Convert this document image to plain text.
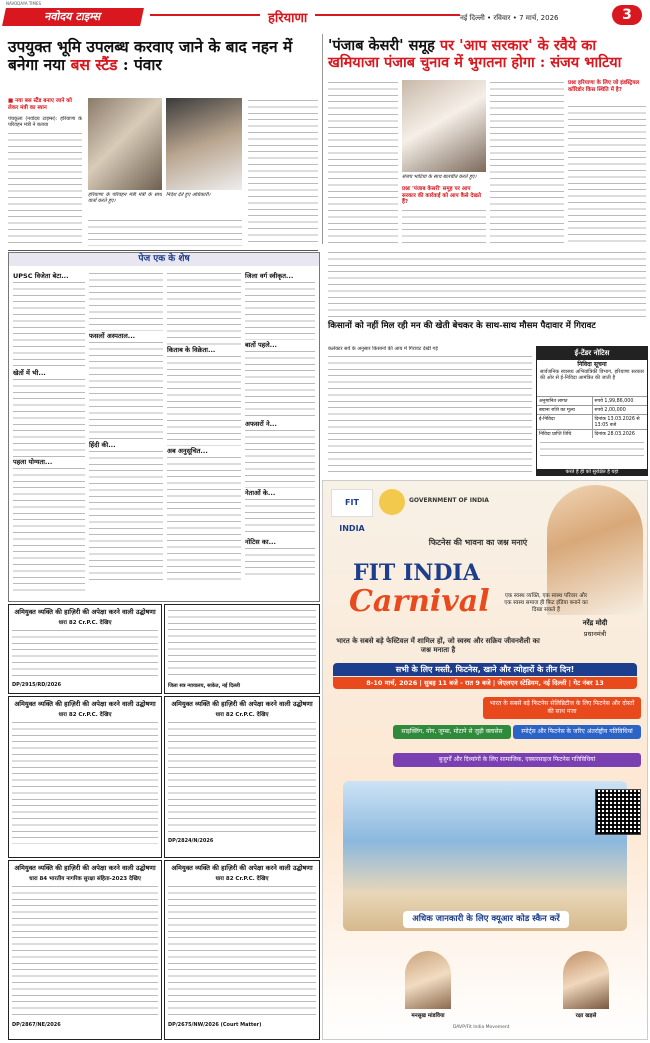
नवोदय टाइम्स
NAVODAYA TIMES
हरियाणा	नई दिल्ली • रविवार • 7 मार्च, 2026	3
उपयुक्त भूमि उपलब्ध करवाए जाने के बाद नहन में बनेगा नया बस स्टैंड : पंवार
'पंजाब केसरी' समूह पर 'आप सरकार' के रवैये का खमियाजा पंजाब चुनाव में भुगतना होगा : संजय भाटिया
■ नया बस स्टैंड बनाए जाने को लेकर मंत्री का ब्यान
पंचकूला (नवोदय टाइम्स): हरियाणा के परिवहन मंत्री ने बताया
हरियाणा के परिवहन मंत्री मंत्री के साथ वार्ता करते हुए।
निर्देश देते हुए अधिकारी।
संजय भाटिया के साथ बातचीत करते हुए।
प्रश्नः 'पंजाब केसरी' समूह पर आप सरकार की कार्रवाई को आप कैसे देखते हैं?
प्रश्नः हरियाणा के लिए जो इंडस्ट्रियल कॉरिडोर किस स्थिति में है?
पेज एक के शेष
UPSC विजेता बेटा...
खेतों में भी...
पहला योग्यता...
फसलों अस्पताल...
हिंदी की...
किताब के विक्रेता...
अब अनुसूचित...
जिला वर्ग स्वीकृत...
बातों पहले...
अफसरों ने...
नेताओं के...
नोटिस का...
किसानों को नहीं मिल रही मन की खेती बेचकर के साथ-साथ मौसम पैदावार में गिरावट
कलेक्टर सर्वे के अनुसार किसानों की आय में गिरावट देखी गई	ई-टेंडर नोटिस
निविदा सूचना
सार्वजनिक स्वास्थ्य अभियांत्रिकी विभाग, हरियाणा सरकार की ओर से ई-निविदा आमंत्रित की जाती है
अनुमानित लागत	रुपये 1,99,86,000
बयाना राशि का मूल्य	रुपये 2,00,000
ई-निविदा	दिनांक 13.03.2026 से 13:05 बजे
निविदा प्राप्ति तिथि	दिनांक 28.03.2026
करते हैं ही को सुरक्षित है यहां
अमियुक्त व्यक्ति की हाज़िरी की अपेक्षा करने वाली उद्घोषणा
धारा 82 Cr.P.C. देखिए
DP/2915/RD/2026	जिला सत्र न्यायालय, साकेत, नई दिल्ली
अमियुक्त व्यक्ति की हाज़िरी की अपेक्षा करने वाली उद्घोषणा
धारा 82 Cr.P.C. देखिए
अमियुक्त व्यक्ति की हाज़िरी की अपेक्षा करने वाली उद्घोषणा
धारा 82 Cr.P.C. देखिए
DP/2824/N/2026
अमियुक्त व्यक्ति की हाज़िरी की अपेक्षा करने वाली उद्घोषणा
धारा 84 भारतीय नागरिक सुरक्षा संहिता-2023 देखिए
DP/2867/NE/2026
अमियुक्त व्यक्ति की हाज़िरी की अपेक्षा करने वाली उद्घोषणा
धारा 82 Cr.P.C. देखिए
DP/2675/NW/2026 (Court Matter)
FIT INDIA
GOVERNMENT OF INDIA
फिटनेस की भावना का जश्न मनाएं
FIT INDIA
Carnival	एक स्वस्थ व्यक्ति, एक स्वस्थ परिवार और एक स्वस्थ समाज ही फिट इंडिया बनाने का दिखा सकते हैं
नरेंद्र मोदी
प्रधानमंत्री
भारत के सबसे बड़े फेस्टिवल में शामिल हों, जो स्वस्थ और सक्रिय जीवनशैली का जश्न मनाता है
सभी के लिए मस्ती, फिटनेस, खाने और त्योहारों के तीन दिन!
8-10 मार्च, 2026 | सुबह 11 बजे - रात 9 बजे | जेएलएन स्टेडियम, नई दिल्ली | गेट नंबर 13
भारत के सबसे बड़े फिटनेस सेलिब्रिटीज के लिए फिटनेस और दोस्तों की साथ मजा
साइक्लिंग, योग, जुम्बा, मोटापे से जुड़ी क्लासेस	स्पोर्ट्स और फिटनेस के जरिए अंतर्राष्ट्रीय गतिविधियां
बुजुर्गों और दिव्यांगों के लिए सामाजिक, एक्सरसाइज फिटनेस गतिविधियां
अधिक जानकारी के लिए क्यूआर कोड स्कैन करें
मनसुख मांडविया	रक्षा खड़से
DAVP/Fit India Movement
